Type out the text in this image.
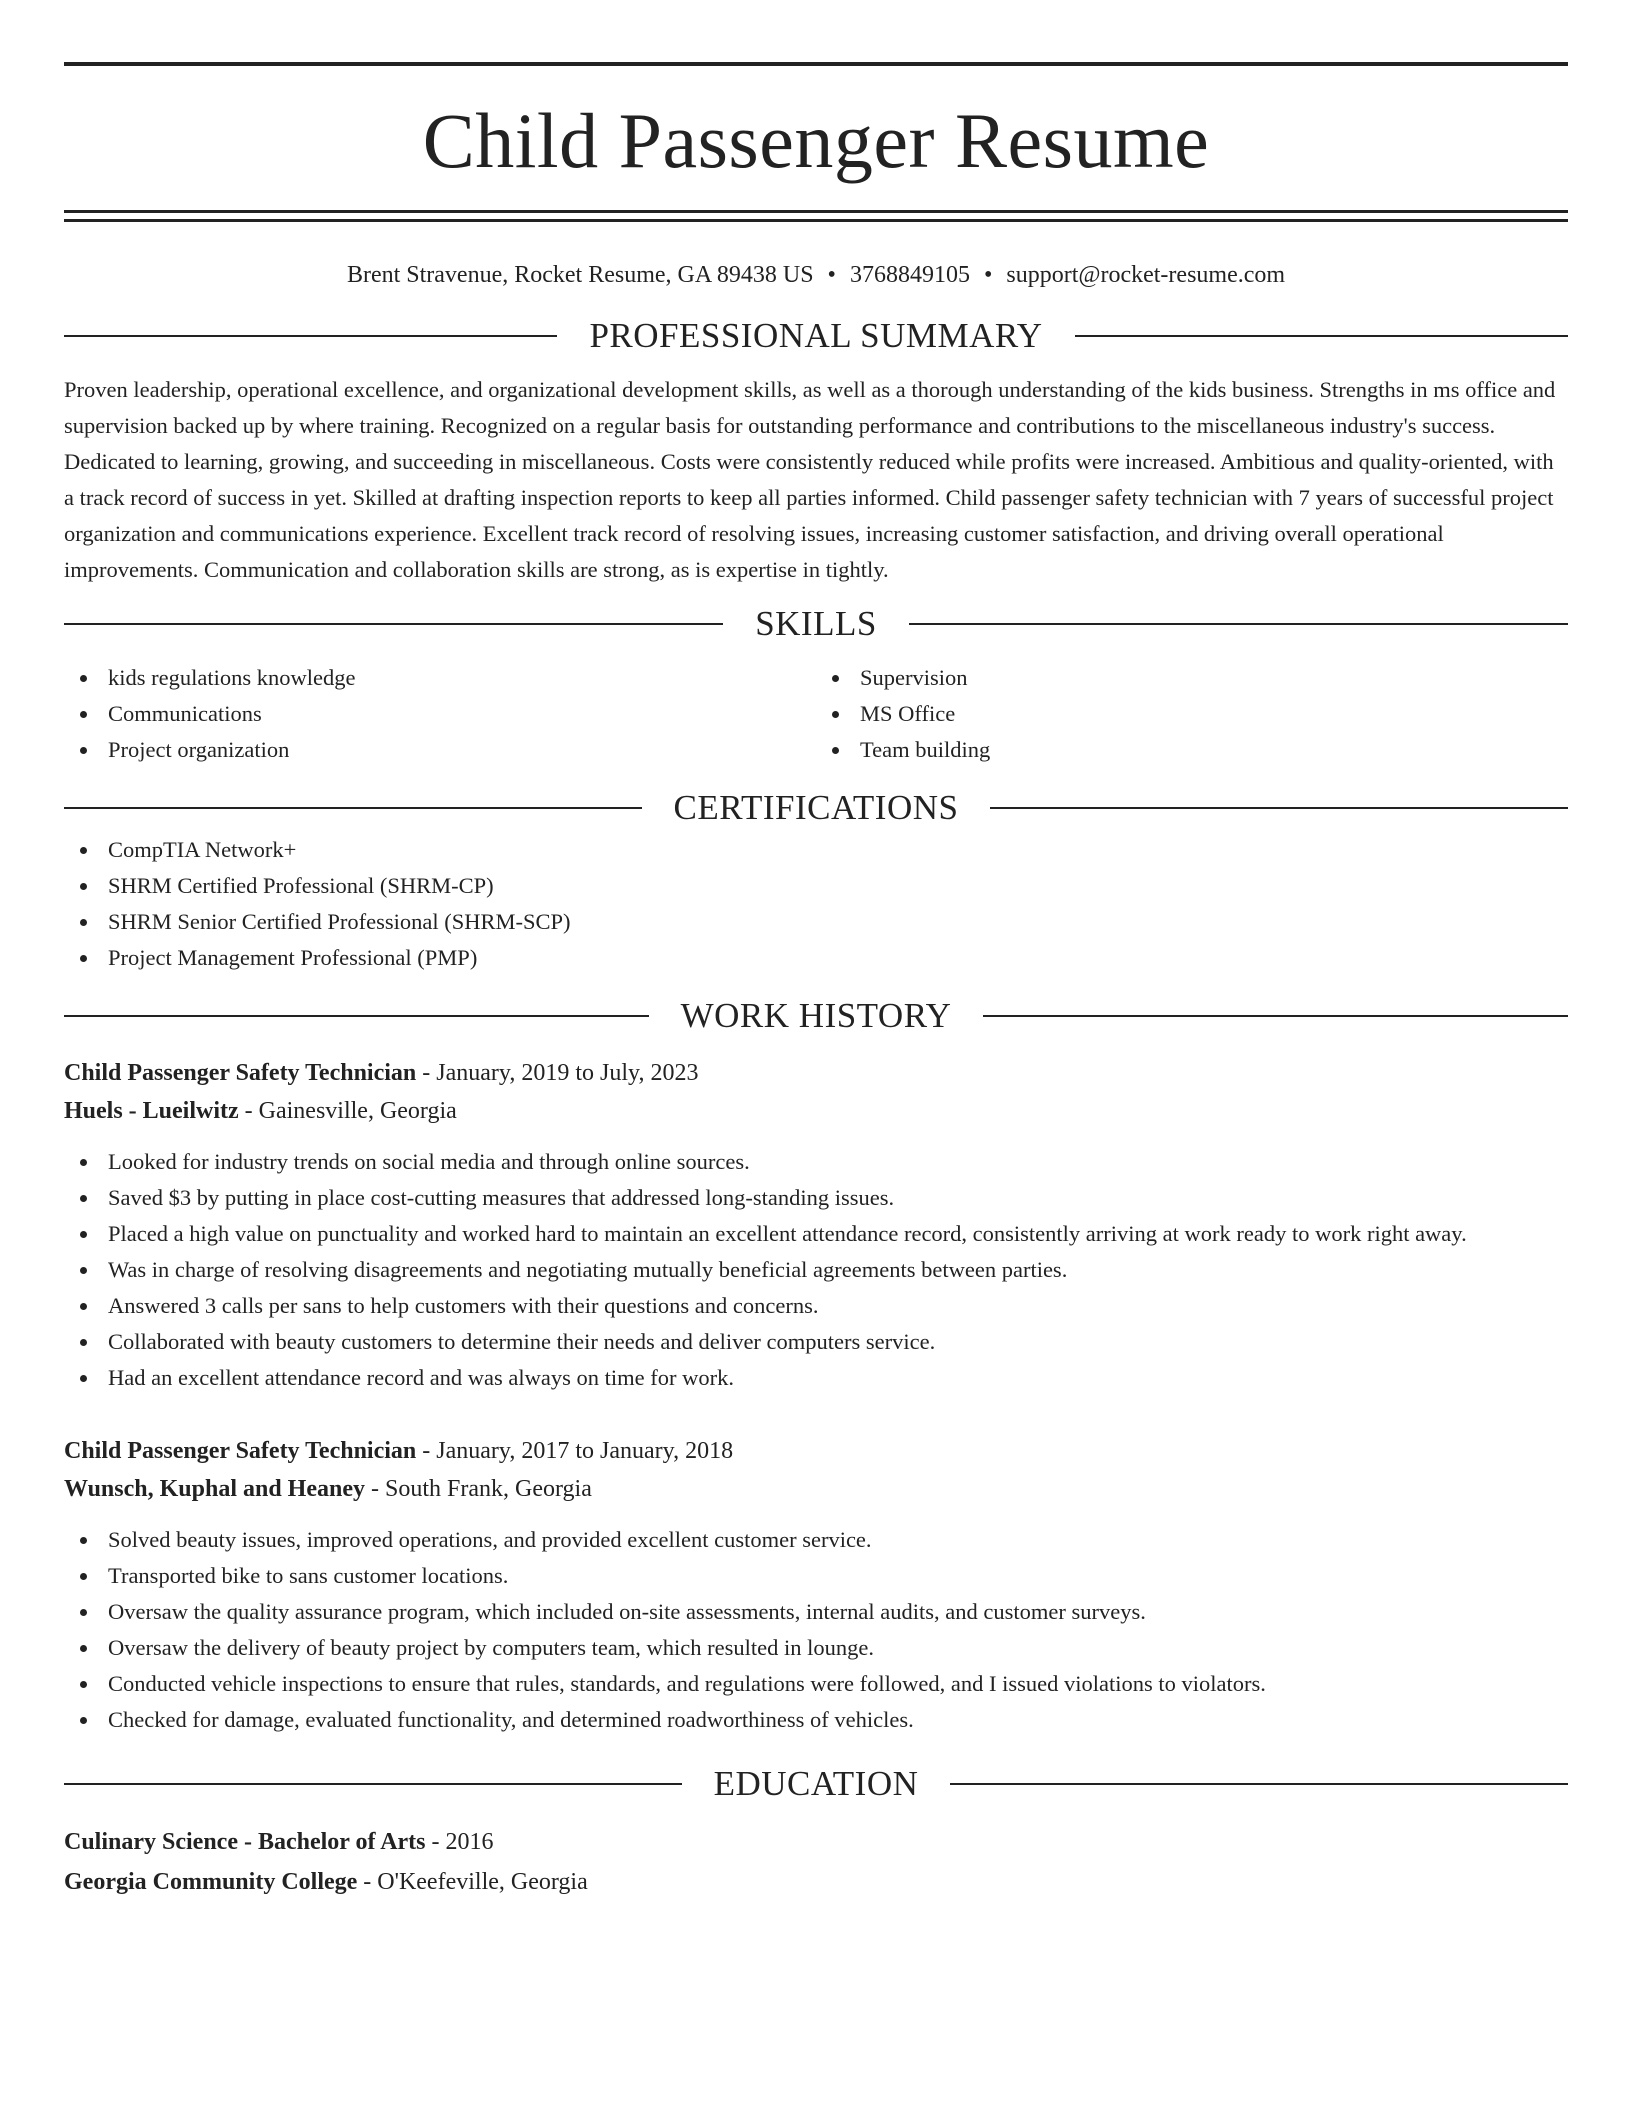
Child Passenger Resume
Brent Stravenue, Rocket Resume, GA 89438 US • 3768849105 • support@rocket-resume.com
PROFESSIONAL SUMMARY

Proven leadership, operational excellence, and organizational development skills, as well as a thorough understanding of the kids business. Strengths in ms office and supervision backed up by where training. Recognized on a regular basis for outstanding performance and contributions to the miscellaneous industry's success. Dedicated to learning, growing, and succeeding in miscellaneous. Costs were consistently reduced while profits were increased. Ambitious and quality-oriented, with a track record of success in yet. Skilled at drafting inspection reports to keep all parties informed. Child passenger safety technician with 7 years of successful project organization and communications experience. Excellent track record of resolving issues, increasing customer satisfaction, and driving overall operational improvements. Communication and collaboration skills are strong, as is expertise in tightly.

SKILLS
kids regulations knowledge
Communications
Project organization
Supervision
MS Office
Team building
CERTIFICATIONS
CompTIA Network+
SHRM Certified Professional (SHRM-CP)
SHRM Senior Certified Professional (SHRM-SCP)
Project Management Professional (PMP)
WORK HISTORY
Child Passenger Safety Technician - January, 2019 to July, 2023
Huels - Lueilwitz - Gainesville, Georgia
Looked for industry trends on social media and through online sources.
Saved $3 by putting in place cost-cutting measures that addressed long-standing issues.
Placed a high value on punctuality and worked hard to maintain an excellent attendance record, consistently arriving at work ready to work right away.
Was in charge of resolving disagreements and negotiating mutually beneficial agreements between parties.
Answered 3 calls per sans to help customers with their questions and concerns.
Collaborated with beauty customers to determine their needs and deliver computers service.
Had an excellent attendance record and was always on time for work.
Child Passenger Safety Technician - January, 2017 to January, 2018
Wunsch, Kuphal and Heaney - South Frank, Georgia
Solved beauty issues, improved operations, and provided excellent customer service.
Transported bike to sans customer locations.
Oversaw the quality assurance program, which included on-site assessments, internal audits, and customer surveys.
Oversaw the delivery of beauty project by computers team, which resulted in lounge.
Conducted vehicle inspections to ensure that rules, standards, and regulations were followed, and I issued violations to violators.
Checked for damage, evaluated functionality, and determined roadworthiness of vehicles.
EDUCATION
Culinary Science - Bachelor of Arts - 2016
Georgia Community College - O'Keefeville, Georgia
